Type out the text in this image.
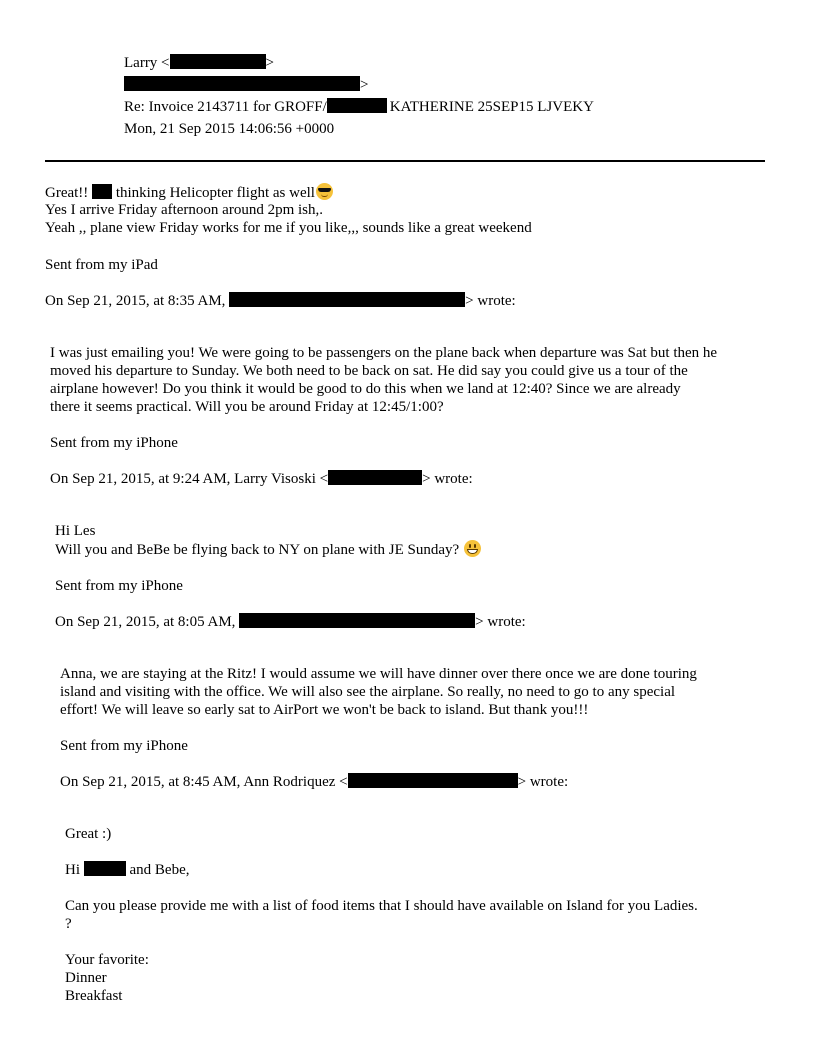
Larry <	>
>
Re: Invoice 2143711 for GROFF/	KATHERINE 25SEP15 LJVEKY
Mon, 21 Sep 2015 14:06:56 +0000
Great!! thinking Helicopter flight as well
Yes I arrive Friday afternoon around 2pm ish,.
Yeah ,, plane view Friday works for me if you like,,, sounds like a great weekend
Sent from my iPad
On Sep 21, 2015, at 8:35 AM,	> wrote:
I was just emailing you! We were going to be passengers on the plane back when departure was Sat but then he
moved his departure to Sunday. We both need to be back on sat. He did say you could give us a tour of the
airplane however! Do you think it would be good to do this when we land at 12:40? Since we are already
there it seems practical. Will you be around Friday at 12:45/1:00?
Sent from my iPhone
On Sep 21, 2015, at 9:24 AM, Larry Visoski <	> wrote:
Hi Les
Will you and BeBe be flying back to NY on plane with JE Sunday?
Sent from my iPhone
On Sep 21, 2015, at 8:05 AM,	> wrote:
Anna, we are staying at the Ritz! I would assume we will have dinner over there once we are done touring
island and visiting with the office. We will also see the airplane. So really, no need to go to any special
effort! We will leave so early sat to AirPort we won't be back to island. But thank you!!!
Sent from my iPhone
On Sep 21, 2015, at 8:45 AM, Ann Rodriquez <	> wrote:
Great :)
Hi	and Bebe,
Can you please provide me with a list of food items that I should have available on Island for you Ladies.
?
Your favorite:
Dinner
Breakfast
